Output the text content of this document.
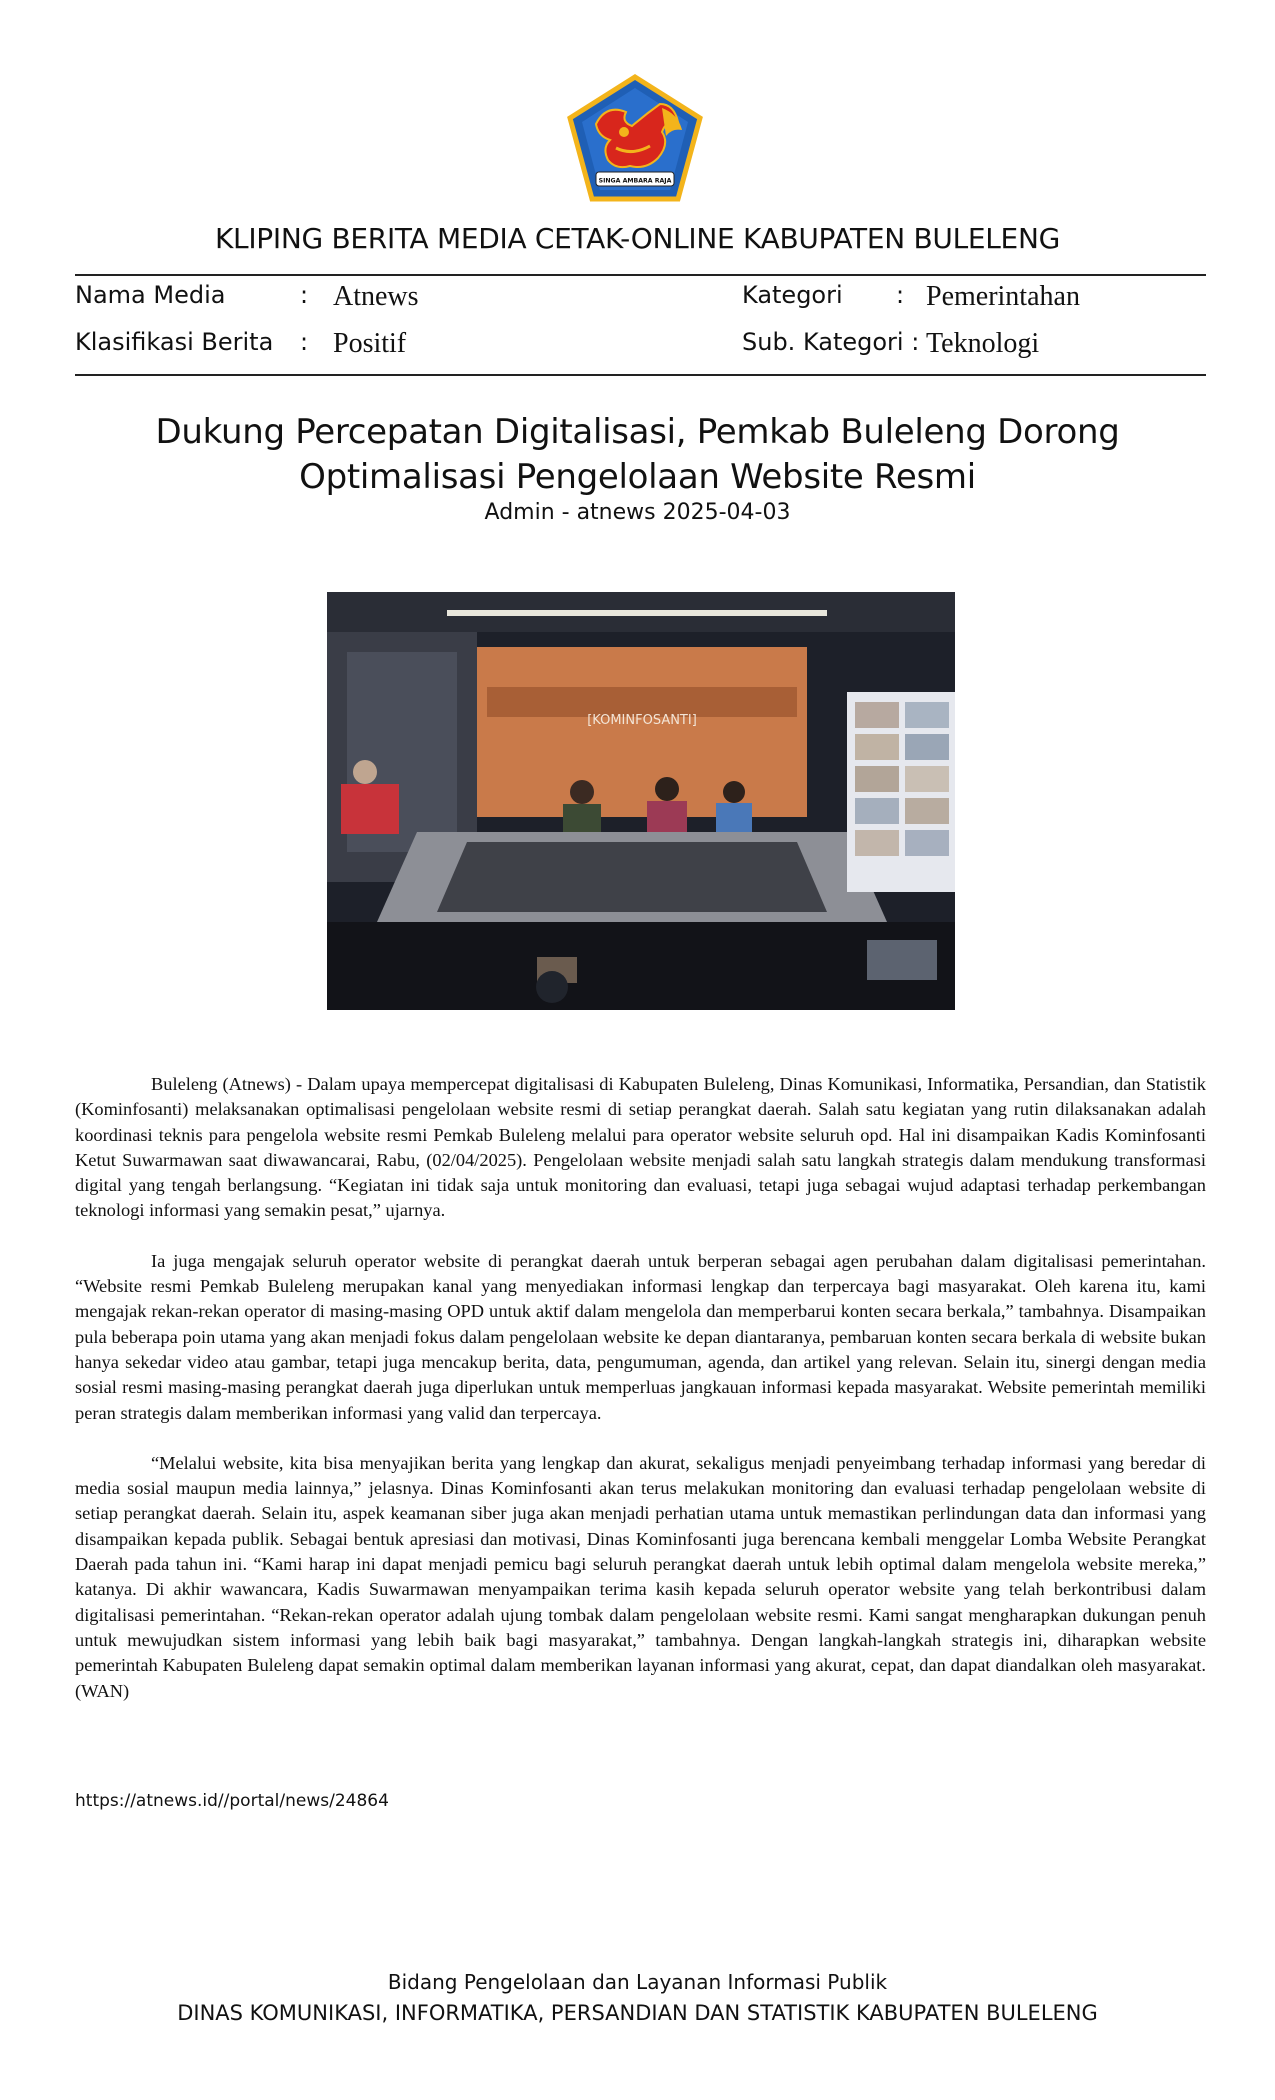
SINGA AMBARA RAJA
KLIPING BERITA MEDIA CETAK-ONLINE KABUPATEN BULELENG
Nama Media	: Atnews
Klasifikasi Berita : Positif
Kategori : Pemerintahan
Sub. Kategori : Teknologi
Dukung Percepatan Digitalisasi, Pemkab Buleleng Dorong Optimalisasi Pengelolaan Website Resmi
Admin - atnews 2025-04-03
[KOMINFOSANTI]

Buleleng (Atnews) - Dalam upaya mempercepat digitalisasi di Kabupaten Buleleng, Dinas Komunikasi, Informatika, Persandian, dan Statistik (Kominfosanti) melaksanakan optimalisasi pengelolaan website resmi di setiap perangkat daerah. Salah satu kegiatan yang rutin dilaksanakan adalah koordinasi teknis para pengelola website resmi Pemkab Buleleng melalui para operator website seluruh opd. Hal ini disampaikan Kadis Kominfosanti Ketut Suwarmawan saat diwawancarai, Rabu, (02/04/2025). Pengelolaan website menjadi salah satu langkah strategis dalam mendukung transformasi digital yang tengah berlangsung. “Kegiatan ini tidak saja untuk monitoring dan evaluasi, tetapi juga sebagai wujud adaptasi terhadap perkembangan teknologi informasi yang semakin pesat,” ujarnya.

Ia juga mengajak seluruh operator website di perangkat daerah untuk berperan sebagai agen perubahan dalam digitalisasi pemerintahan. “Website resmi Pemkab Buleleng merupakan kanal yang menyediakan informasi lengkap dan terpercaya bagi masyarakat. Oleh karena itu, kami mengajak rekan-rekan operator di masing-masing OPD untuk aktif dalam mengelola dan memperbarui konten secara berkala,” tambahnya. Disampaikan pula beberapa poin utama yang akan menjadi fokus dalam pengelolaan website ke depan diantaranya, pembaruan konten secara berkala di website bukan hanya sekedar video atau gambar, tetapi juga mencakup berita, data, pengumuman, agenda, dan artikel yang relevan. Selain itu, sinergi dengan media sosial resmi masing-masing perangkat daerah juga diperlukan untuk memperluas jangkauan informasi kepada masyarakat. Website pemerintah memiliki peran strategis dalam memberikan informasi yang valid dan terpercaya.

“Melalui website, kita bisa menyajikan berita yang lengkap dan akurat, sekaligus menjadi penyeimbang terhadap informasi yang beredar di media sosial maupun media lainnya,” jelasnya. Dinas Kominfosanti akan terus melakukan monitoring dan evaluasi terhadap pengelolaan website di setiap perangkat daerah. Selain itu, aspek keamanan siber juga akan menjadi perhatian utama untuk memastikan perlindungan data dan informasi yang disampaikan kepada publik. Sebagai bentuk apresiasi dan motivasi, Dinas Kominfosanti juga berencana kembali menggelar Lomba Website Perangkat Daerah pada tahun ini. “Kami harap ini dapat menjadi pemicu bagi seluruh perangkat daerah untuk lebih optimal dalam mengelola website mereka,” katanya. Di akhir wawancara, Kadis Suwarmawan menyampaikan terima kasih kepada seluruh operator website yang telah berkontribusi dalam digitalisasi pemerintahan. “Rekan-rekan operator adalah ujung tombak dalam pengelolaan website resmi. Kami sangat mengharapkan dukungan penuh untuk mewujudkan sistem informasi yang lebih baik bagi masyarakat,” tambahnya. Dengan langkah-langkah strategis ini, diharapkan website pemerintah Kabupaten Buleleng dapat semakin optimal dalam memberikan layanan informasi yang akurat, cepat, dan dapat diandalkan oleh masyarakat. (WAN)

https://atnews.id//portal/news/24864
Bidang Pengelolaan dan Layanan Informasi Publik
DINAS KOMUNIKASI, INFORMATIKA, PERSANDIAN DAN STATISTIK KABUPATEN BULELENG
